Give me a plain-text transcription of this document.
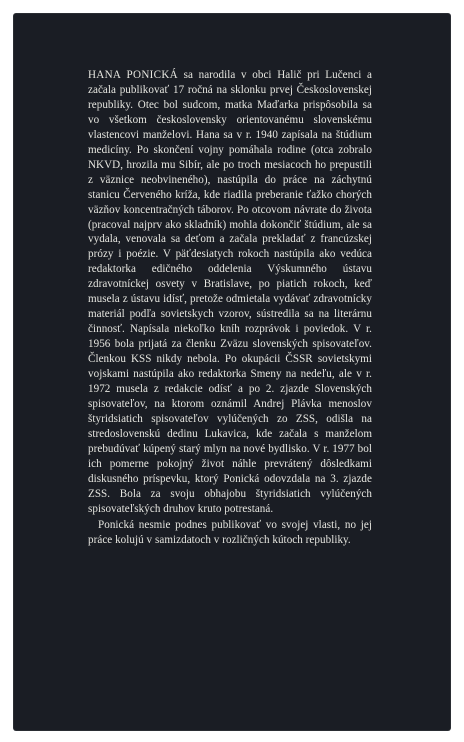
HANA PONICKÁ sa narodila v obci Halič pri Lučenci a začala publikovať 17 ročná na sklonku prvej Československej republiky. Otec bol sudcom, matka Maďarka prispôsobila sa vo všetkom československy orientovanému slovenskému vlastencovi manželovi. Hana sa v r. 1940 zapísala na štúdium medicíny. Po skončení vojny pomáhala rodine (otca zobralo NKVD, hrozila mu Sibír, ale po troch mesiacoch ho prepustili z väznice neobvineného), nastúpila do práce na záchytnú stanicu Červeného kríža, kde riadila preberanie ťažko chorých väzňov koncentračných táborov. Po otcovom návrate do života (pracoval najprv ako skladník) mohla dokončiť štúdium, ale sa vydala, venovala sa deťom a začala prekladať z francúzskej prózy i poézie. V päťdesiatych rokoch nastúpila ako vedúca redaktorka edičného oddelenia Výskumného ústavu zdravotníckej osvety v Bratislave, po piatich rokoch, keď musela z ústavu idísť, pretože odmietala vydávať zdravotnícky materiál podľa sovietskych vzorov, sústredila sa na literárnu činnosť. Napísala niekoľko kníh rozprávok i poviedok. V r. 1956 bola prijatá za členku Zväzu slovenských spisovateľov. Členkou KSS nikdy nebola. Po okupácii ČSSR sovietskymi vojskami nastúpila ako redaktorka Smeny na nedeľu, ale v r. 1972 musela z redakcie odísť a po 2. zjazde Slovenských spisovateľov, na ktorom oznámil Andrej Plávka menoslov štyridsiatich spisovateľov vylúčených zo ZSS, odišla na stredoslovenskú dedinu Lukavica, kde začala s manželom prebudúvať kúpený starý mlyn na nové bydlisko. V r. 1977 bol ich pomerne pokojný život náhle prevrátený dôsledkami diskusného príspevku, ktorý Ponická odovzdala na 3. zjazde ZSS. Bola za svoju obhajobu štyridsiatich vylúčených spisovateľských druhov kruto potrestaná.

Ponická nesmie podnes publikovať vo svojej vlasti, no jej práce kolujú v samizdatoch v rozličných kútoch republiky.
